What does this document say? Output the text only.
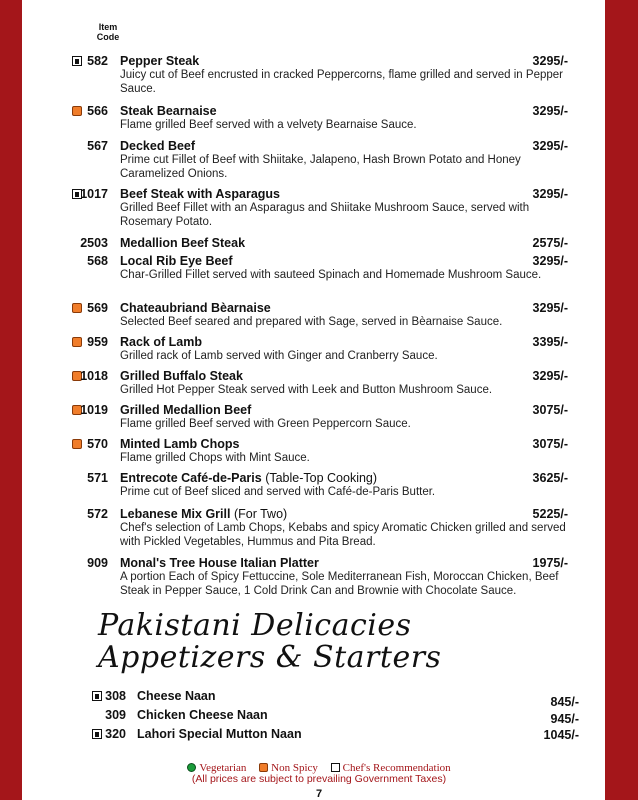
Item
Code
582 Pepper Steak	3295/-
Juicy cut of Beef encrusted in cracked Peppercorns, flame grilled and served in Pepper Sauce.
566 Steak Bearnaise	3295/-
Flame grilled Beef served with a velvety Bearnaise Sauce.
567 Decked Beef	3295/-
Prime cut Fillet of Beef with Shiitake, Jalapeno, Hash Brown Potato and Honey Caramelized Onions.
1017 Beef Steak with Asparagus	3295/-
Grilled Beef Fillet with an Asparagus and Shiitake Mushroom Sauce, served with Rosemary Potato.
2503 Medallion Beef Steak	2575/-
568 Local Rib Eye Beef	3295/-
Char-Grilled Fillet served with sauteed Spinach and Homemade Mushroom Sauce.
569 Chateaubriand Bèarnaise	3295/-
Selected Beef seared and prepared with Sage, served in Bèarnaise Sauce.
959 Rack of Lamb	3395/-
Grilled rack of Lamb served with Ginger and Cranberry Sauce.
1018 Grilled Buffalo Steak	3295/-
Grilled Hot Pepper Steak served with Leek and Button Mushroom Sauce.
1019 Grilled Medallion Beef	3075/-
Flame grilled Beef served with Green Peppercorn Sauce.
570 Minted Lamb Chops	3075/-
Flame grilled Chops with Mint Sauce.
571 Entrecote Café-de-Paris (Table-Top Cooking)	3625/-
Prime cut of Beef sliced and served with Café-de-Paris Butter.
572 Lebanese Mix Grill (For Two)	5225/-
Chef's selection of Lamb Chops, Kebabs and spicy Aromatic Chicken grilled and served with Pickled Vegetables, Hummus and Pita Bread.
909 Monal's Tree House Italian Platter	1975/-
A portion Each of Spicy Fettuccine, Sole Mediterranean Fish, Moroccan Chicken, Beef Steak in Pepper Sauce, 1 Cold Drink Can and Brownie with Chocolate Sauce.
Pakistani Delicacies
Appetizers & Starters
308 Cheese Naan	845/-
309 Chicken Cheese Naan	945/-
320 Lahori Special Mutton Naan	1045/-
Vegetarian Non Spicy Chef's Recommendation
(All prices are subject to prevailing Government Taxes)
7
